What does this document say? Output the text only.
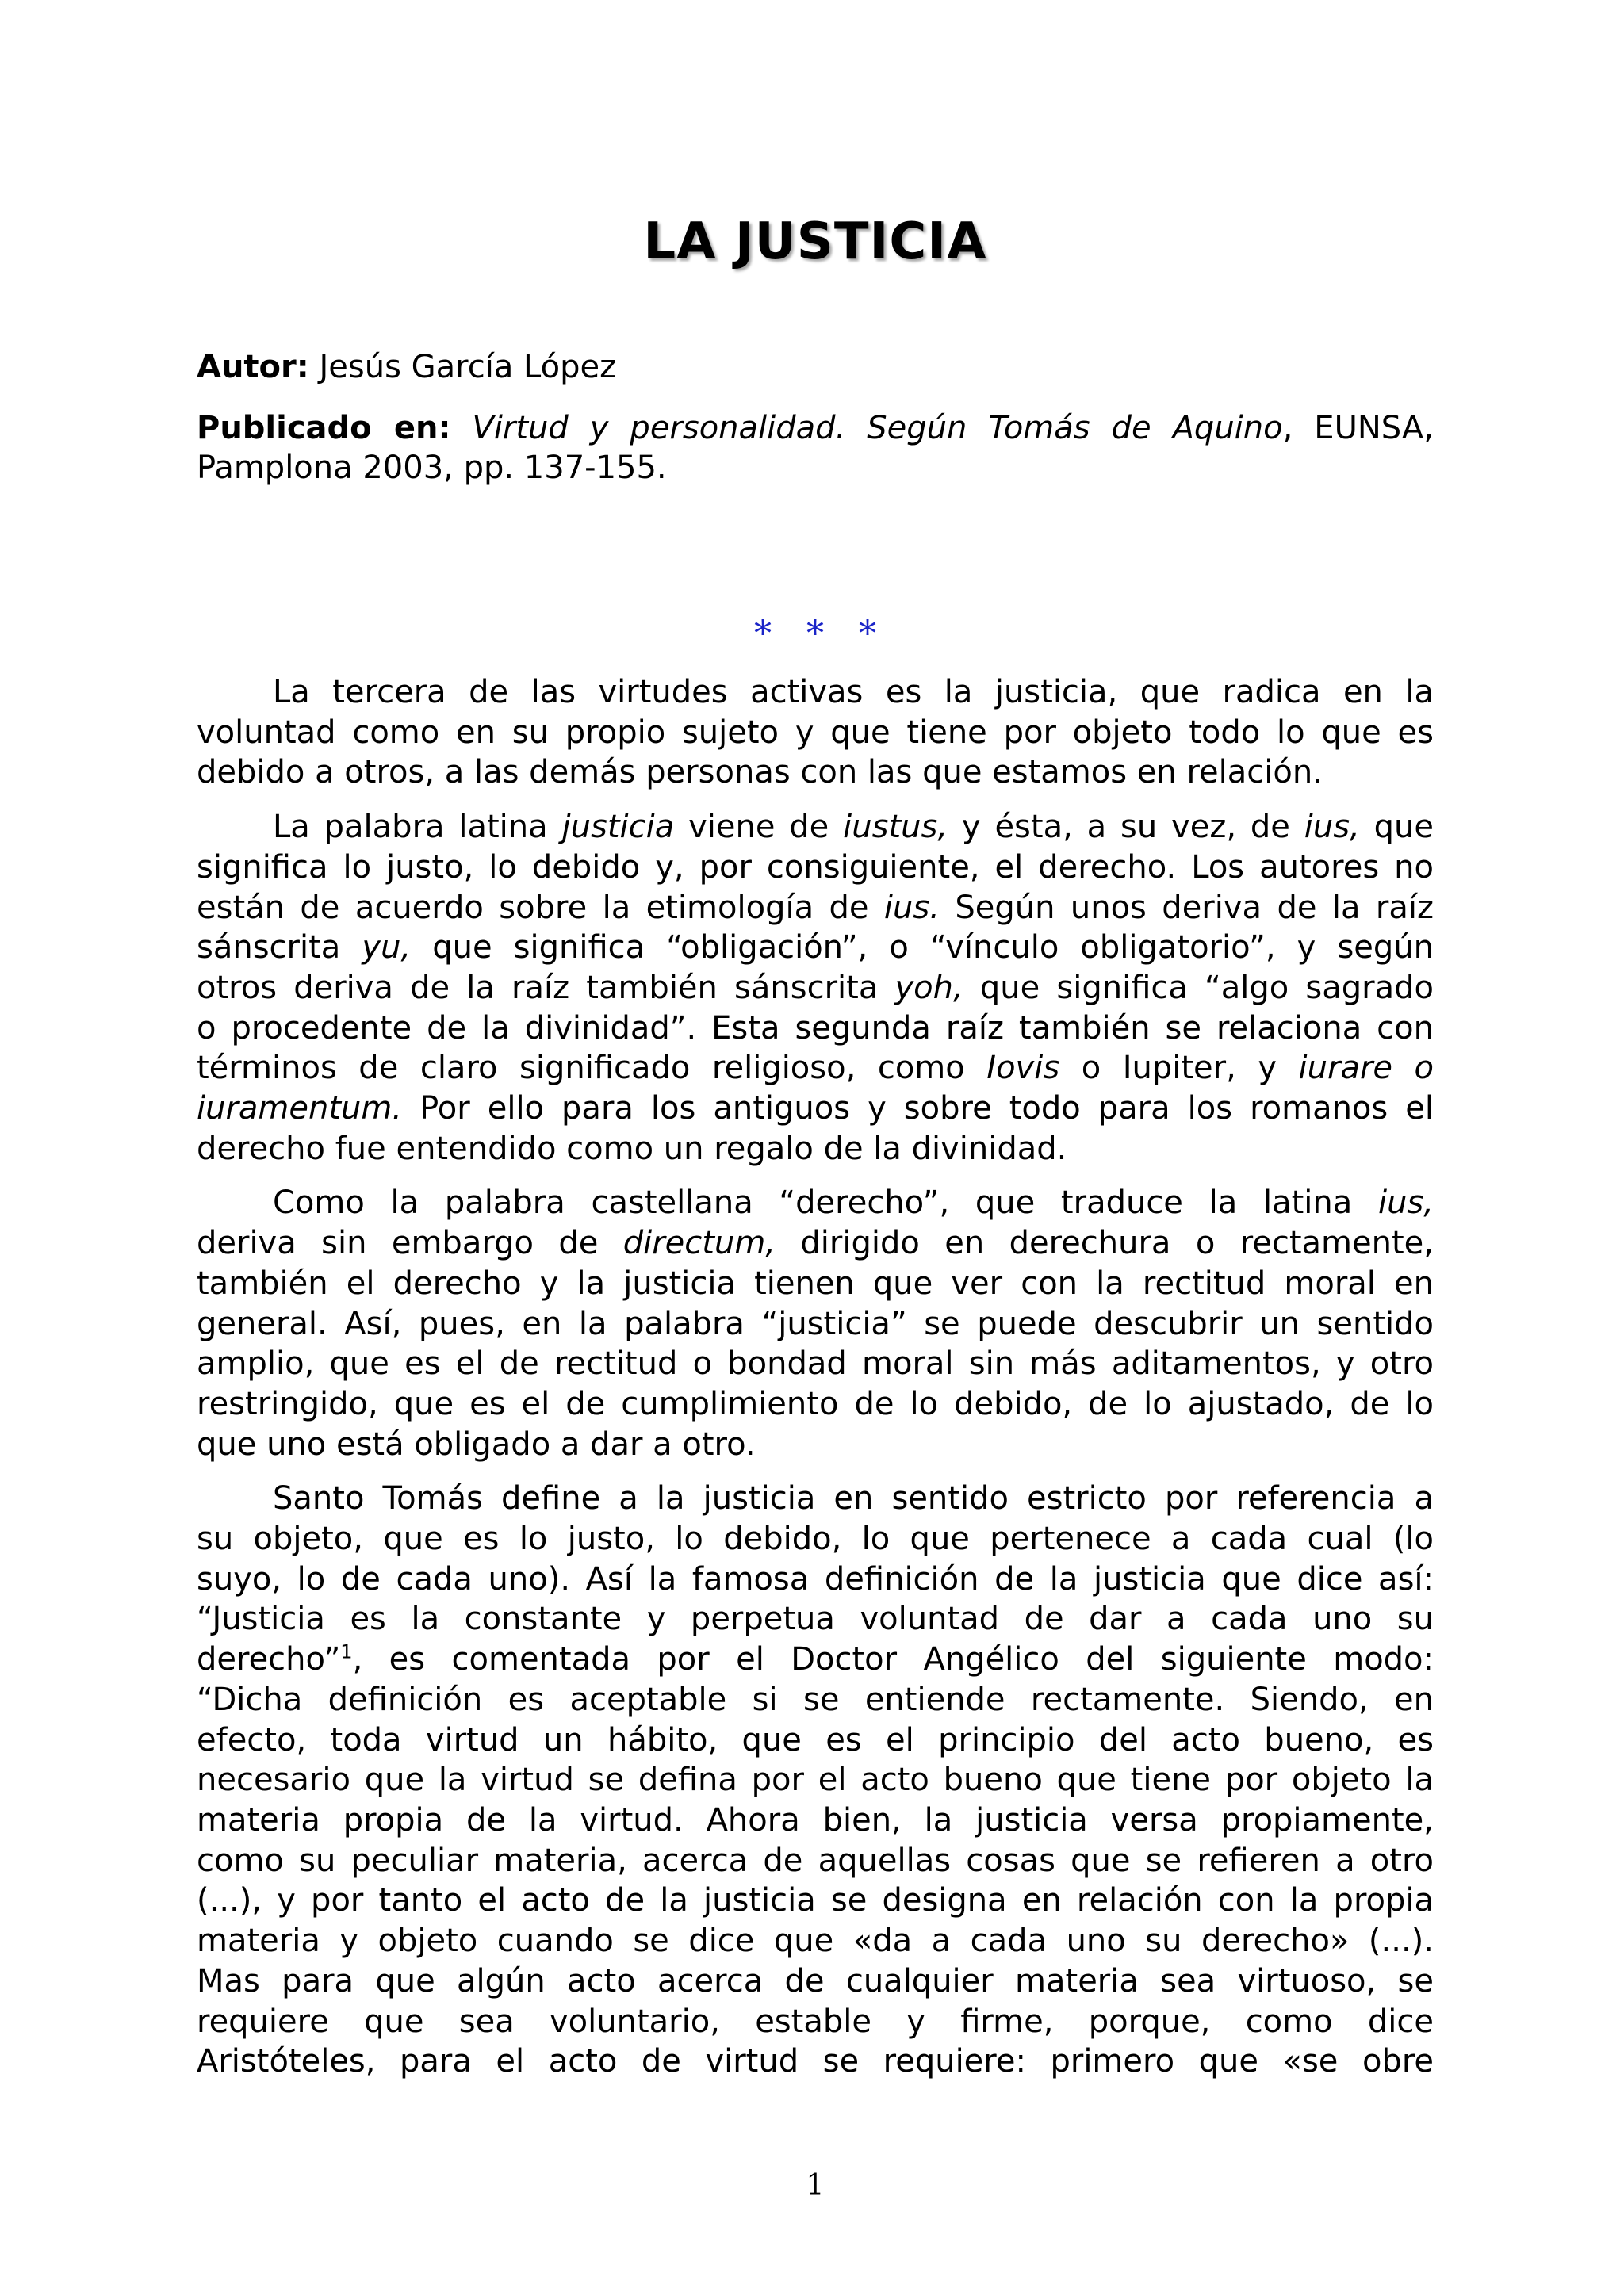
LA JUSTICIA
Autor: Jesús García López
Publicado en: Virtud y personalidad. Según Tomás de Aquino, EUNSA,
Pamplona 2003, pp. 137-155.
* * *

La tercera de las virtudes activas es la justicia, que radica en la
voluntad como en su propio sujeto y que tiene por objeto todo lo que es
debido a otros, a las demás personas con las que estamos en relación.

La palabra latina justicia viene de iustus, y ésta, a su vez, de ius, que
significa lo justo, lo debido y, por consiguiente, el derecho. Los autores no
están de acuerdo sobre la etimología de ius. Según unos deriva de la raíz
sánscrita yu, que significa “obligación”, o “vínculo obligatorio”, y según
otros deriva de la raíz también sánscrita yoh, que significa “algo sagrado
o procedente de la divinidad”. Esta segunda raíz también se relaciona con
términos de claro significado religioso, como Iovis o Iupiter, y iurare o
iuramentum. Por ello para los antiguos y sobre todo para los romanos el
derecho fue entendido como un regalo de la divinidad.

Como la palabra castellana “derecho”, que traduce la latina ius,
deriva sin embargo de directum, dirigido en derechura o rectamente,
también el derecho y la justicia tienen que ver con la rectitud moral en
general. Así, pues, en la palabra “justicia” se puede descubrir un sentido
amplio, que es el de rectitud o bondad moral sin más aditamentos, y otro
restringido, que es el de cumplimiento de lo debido, de lo ajustado, de lo
que uno está obligado a dar a otro.

Santo Tomás define a la justicia en sentido estricto por referencia a
su objeto, que es lo justo, lo debido, lo que pertenece a cada cual (lo
suyo, lo de cada uno). Así la famosa definición de la justicia que dice así:
“Justicia es la constante y perpetua voluntad de dar a cada uno su
derecho”$^1$, es comentada por el Doctor Angélico del siguiente modo:
“Dicha definición es aceptable si se entiende rectamente. Siendo, en
efecto, toda virtud un hábito, que es el principio del acto bueno, es
necesario que la virtud se defina por el acto bueno que tiene por objeto la
materia propia de la virtud. Ahora bien, la justicia versa propiamente,
como su peculiar materia, acerca de aquellas cosas que se refieren a otro
(...), y por tanto el acto de la justicia se designa en relación con la propia
materia y objeto cuando se dice que «da a cada uno su derecho» (...).
Mas para que algún acto acerca de cualquier materia sea virtuoso, se
requiere que sea voluntario, estable y firme, porque, como dice
Aristóteles, para el acto de virtud se requiere: primero que «se obre

1
